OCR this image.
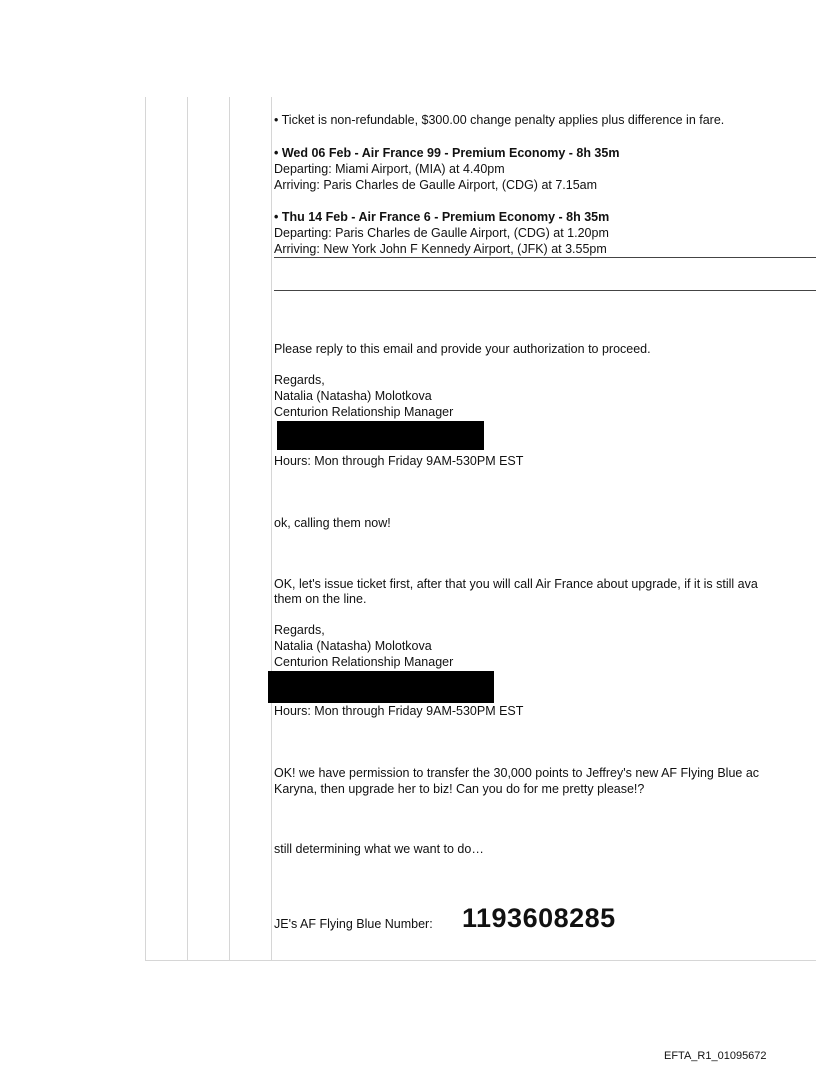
• Ticket is non-refundable, $300.00 change penalty applies plus difference in fare.
• Wed 06 Feb - Air France 99 - Premium Economy - 8h 35m
Departing: Miami Airport, (MIA) at 4.40pm
Arriving: Paris Charles de Gaulle Airport, (CDG) at 7.15am
• Thu 14 Feb - Air France 6 - Premium Economy - 8h 35m
Departing: Paris Charles de Gaulle Airport, (CDG) at 1.20pm
Arriving: New York John F Kennedy Airport, (JFK) at 3.55pm
Please reply to this email and provide your authorization to proceed.
Regards,
Natalia (Natasha) Molotkova
Centurion Relationship Manager
Hours: Mon through Friday 9AM-530PM EST
ok, calling them now!
OK, let's issue ticket first, after that you will call Air France about upgrade, if it is still ava
them on the line.
Regards,
Natalia (Natasha) Molotkova
Centurion Relationship Manager
Hours: Mon through Friday 9AM-530PM EST
OK! we have permission to transfer the 30,000 points to Jeffrey's new AF Flying Blue ac
Karyna, then upgrade her to biz! Can you do for me pretty please!?
still determining what we want to do…
JE's AF Flying Blue Number: 1193608285
EFTA_R1_01095672
